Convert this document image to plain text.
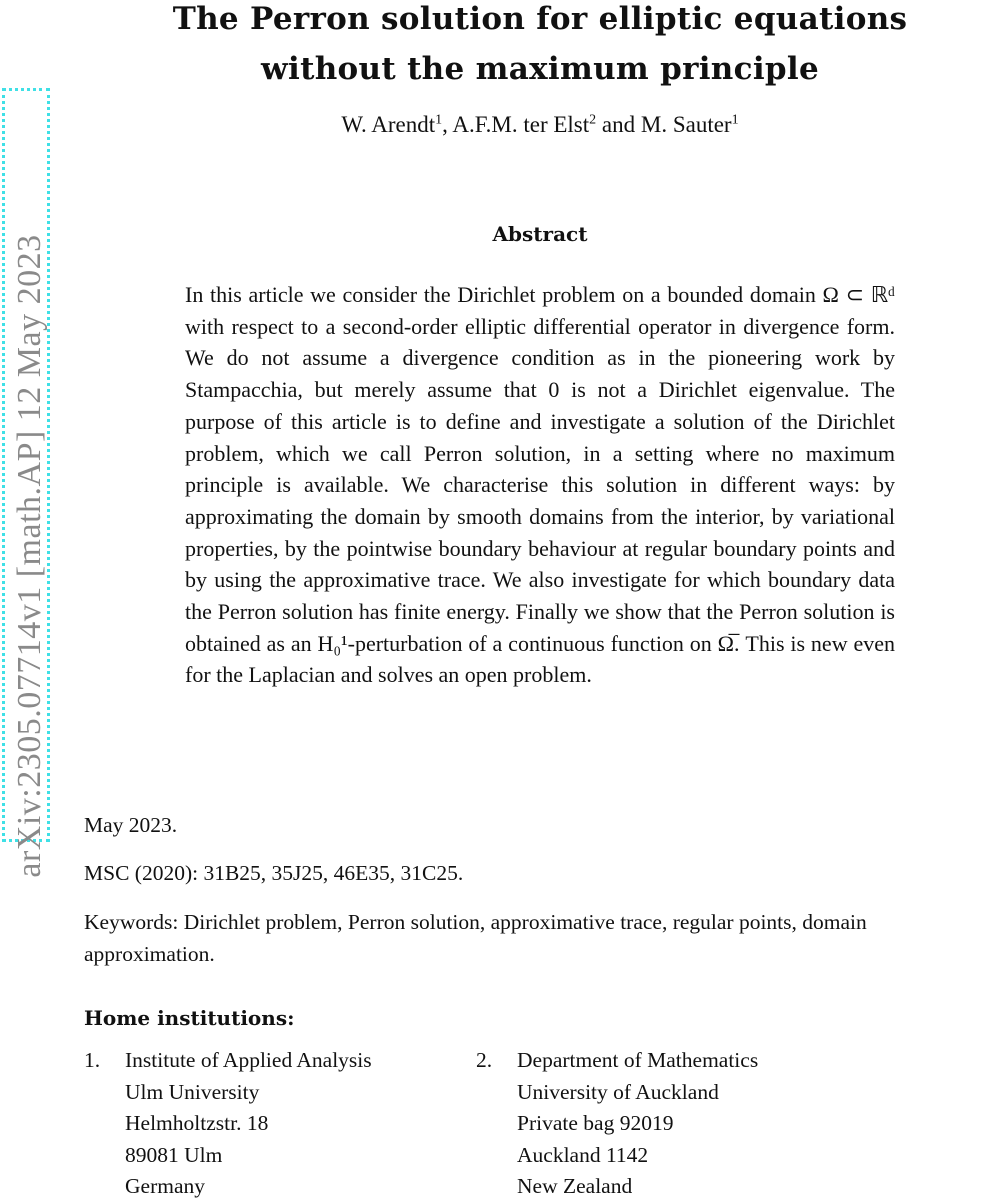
arXiv:2305.07714v1 [math.AP] 12 May 2023
The Perron solution for elliptic equations
without the maximum principle
W. Arendt$^1$, A.F.M. ter Elst$^2$ and M. Sauter$^1$
Abstract

In this article we consider the Dirichlet problem on a bounded domain Ω ⊂ ℝᵈ with respect to a second-order elliptic differential operator in divergence form. We do not assume a divergence condition as in the pioneering work by Stampacchia, but merely assume that 0 is not a Dirichlet eigenvalue. The purpose of this article is to define and investigate a solution of the Dirichlet problem, which we call Perron solution, in a setting where no maximum principle is available. We characterise this solution in different ways: by approximating the domain by smooth domains from the interior, by variational properties, by the pointwise boundary behaviour at regular boundary points and by using the approximative trace. We also investigate for which boundary data the Perron solution has finite energy. Finally we show that the Perron solution is obtained as an H₀¹-perturbation of a continuous function on Ω̅. This is new even for the Laplacian and solves an open problem.

May 2023.

MSC (2020): 31B25, 35J25, 46E35, 31C25.

Keywords: Dirichlet problem, Perron solution, approximative trace, regular points, domain approximation.

Home institutions:
1. Institute of Applied Analysis
Ulm University
Helmholtzstr. 18
89081 Ulm
Germany
2. Department of Mathematics
University of Auckland
Private bag 92019
Auckland 1142
New Zealand
